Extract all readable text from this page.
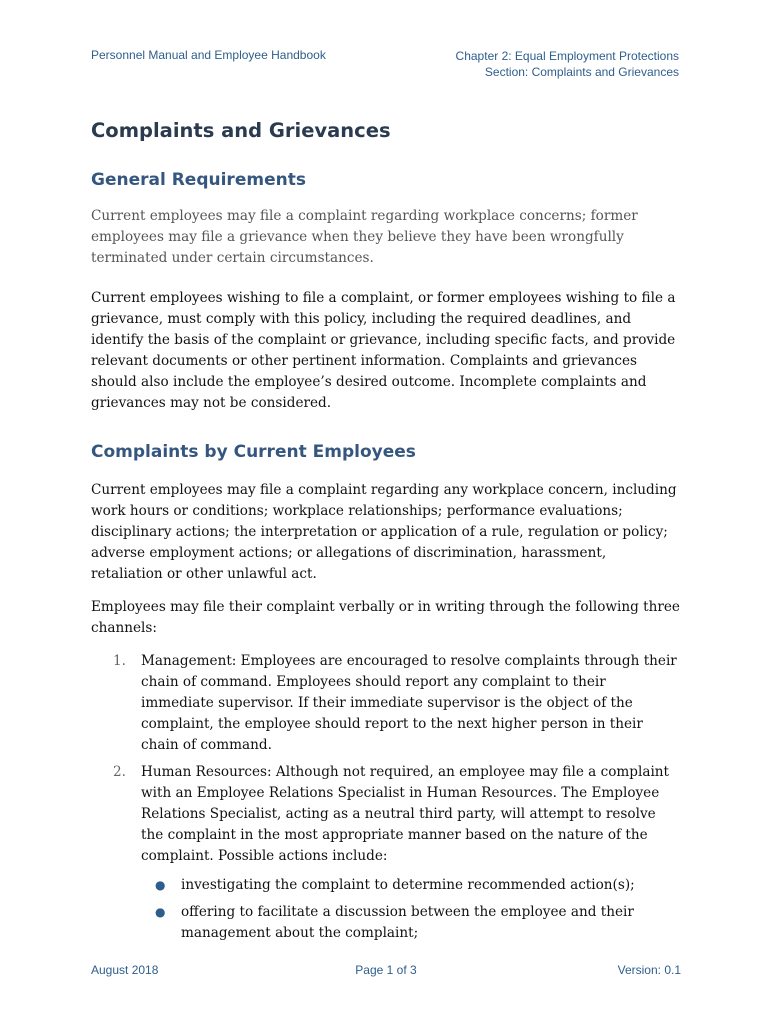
Personnel Manual and Employee Handbook	Chapter 2: Equal Employment Protections
Section: Complaints and Grievances
Complaints and Grievances
General Requirements

Current employees may file a complaint regarding workplace concerns; former employees may file a grievance when they believe they have been wrongfully terminated under certain circumstances.

Current employees wishing to file a complaint, or former employees wishing to file a grievance, must comply with this policy, including the required deadlines, and identify the basis of the complaint or grievance, including specific facts, and provide relevant documents or other pertinent information. Complaints and grievances should also include the employee’s desired outcome. Incomplete complaints and grievances may not be considered.

Complaints by Current Employees

Current employees may file a complaint regarding any workplace concern, including work hours or conditions; workplace relationships; performance evaluations; disciplinary actions; the interpretation or application of a rule, regulation or policy; adverse employment actions; or allegations of discrimination, harassment, retaliation or other unlawful act.

Employees may file their complaint verbally or in writing through the following three channels:

1. Management: Employees are encouraged to resolve complaints through their chain of command. Employees should report any complaint to their immediate supervisor. If their immediate supervisor is the object of the complaint, the employee should report to the next higher person in their chain of command.
2. Human Resources: Although not required, an employee may file a complaint with an Employee Relations Specialist in Human Resources. The Employee Relations Specialist, acting as a neutral third party, will attempt to resolve the complaint in the most appropriate manner based on the nature of the complaint. Possible actions include:
● investigating the complaint to determine recommended action(s);
● offering to facilitate a discussion between the employee and their management about the complaint;
August 2018	Page 1 of 3	Version: 0.1
